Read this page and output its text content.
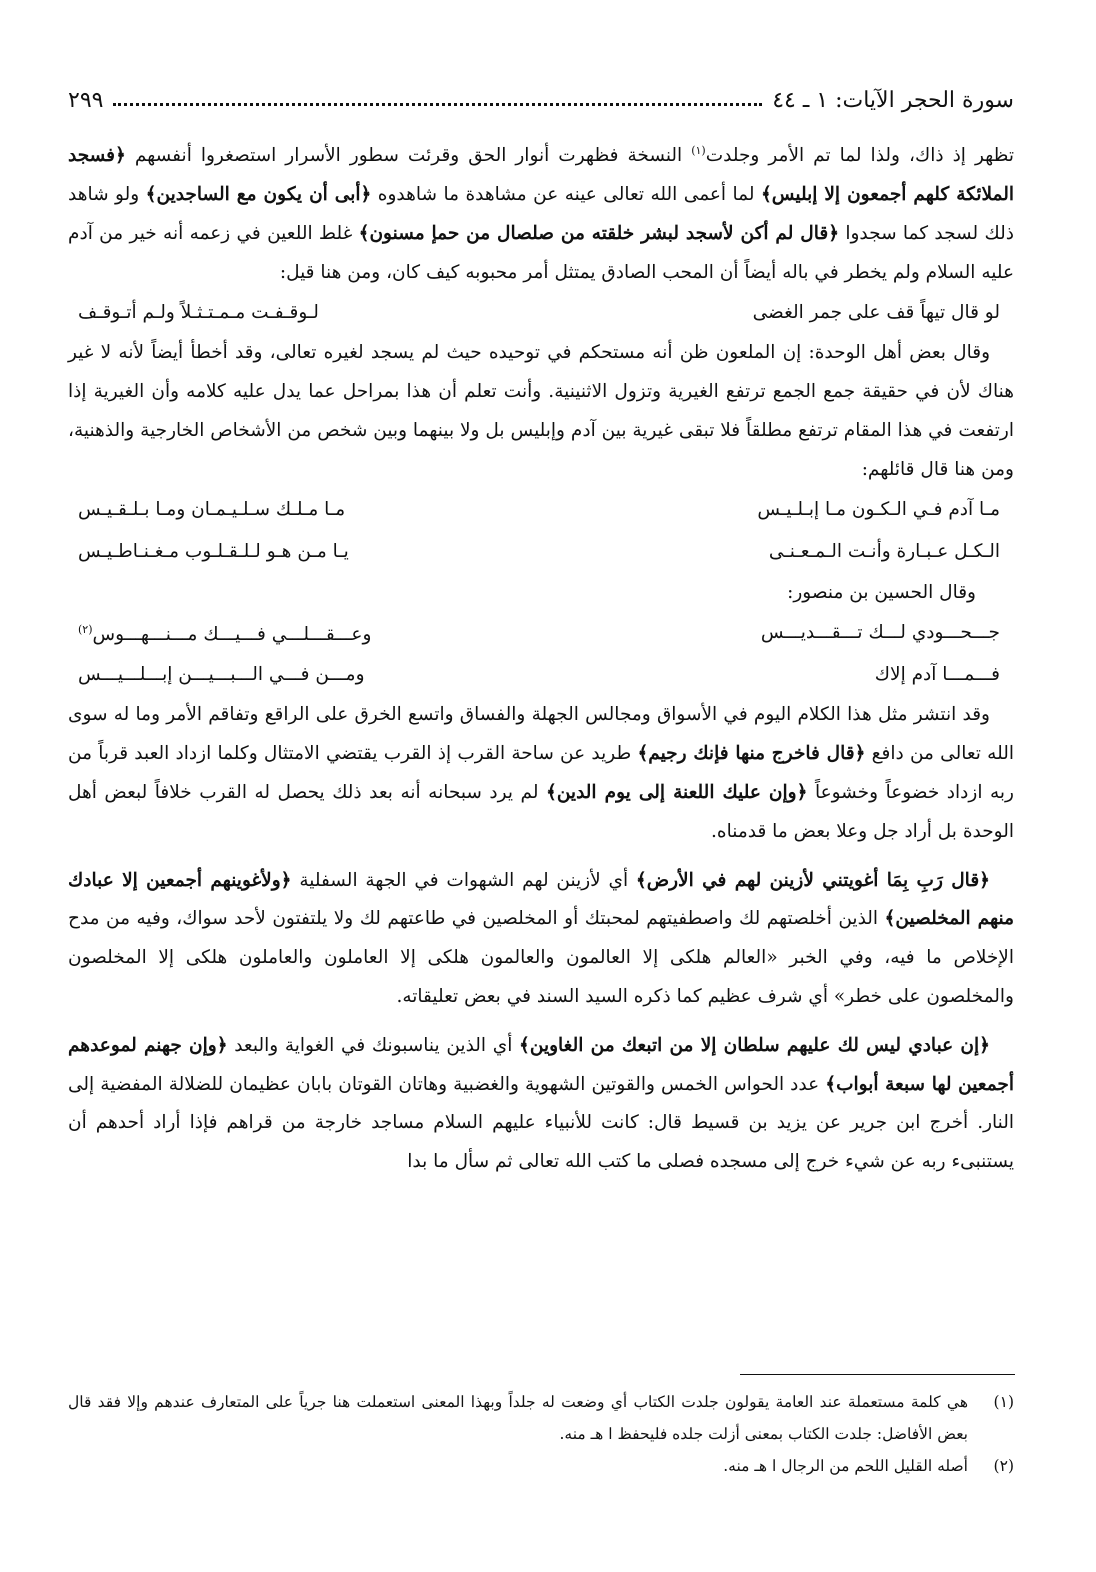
سورة الحجر الآيات: ١ ـ ٤٤
٢٩٩

تظهر إذ ذاك، ولذا لما تم الأمر وجلدت$^{(١)}$ النسخة فظهرت أنوار الحق وقرئت سطور الأسرار استصغروا أنفسهم ﴿فسجد الملائكة كلهم أجمعون إلا إبليس﴾ لما أعمى الله تعالى عينه عن مشاهدة ما شاهدوه ﴿أبى أن يكون مع الساجدين﴾ ولو شاهد ذلك لسجد كما سجدوا ﴿قال لم أكن لأسجد لبشر خلقته من صلصال من حمإ مسنون﴾ غلط اللعين في زعمه أنه خير من آدم عليه السلام ولم يخطر في باله أيضاً أن المحب الصادق يمتثل أمر محبوبه كيف كان، ومن هنا قيل:

لو قال تيهاً قف على جمر الغضى
لـوقـفـت مـمـتـثـلاً ولـم أتـوقـف

وقال بعض أهل الوحدة: إن الملعون ظن أنه مستحكم في توحيده حيث لم يسجد لغيره تعالى، وقد أخطأ أيضاً لأنه لا غير هناك لأن في حقيقة جمع الجمع ترتفع الغيرية وتزول الاثنينية. وأنت تعلم أن هذا بمراحل عما يدل عليه كلامه وأن الغيرية إذا ارتفعت في هذا المقام ترتفع مطلقاً فلا تبقى غيرية بين آدم وإبليس بل ولا بينهما وبين شخص من الأشخاص الخارجية والذهنية، ومن هنا قال قائلهم:

مـا آدم فـي الـكـون مـا إبـلـيـس
مـا مـلـك سـلـيـمـان ومـا بـلـقـيـس
الـكـل عـبـارة وأنـت الـمـعـنـى
يـا مـن هـو لـلـقـلـوب مـغـنـاطـيـس

وقال الحسين بن منصور:

جـــحـــودي لـــك تـــقـــديـــس
وعـــقـــلـــي فـــيـــك مـــنـــهـــوس$^{(٢)}$
فـــمـــا آدم إلاك
ومـــن فـــي الـــبـــيـــن إبـــلـــيـــس

وقد انتشر مثل هذا الكلام اليوم في الأسواق ومجالس الجهلة والفساق واتسع الخرق على الراقع وتفاقم الأمر وما له سوى الله تعالى من دافع ﴿قال فاخرج منها فإنك رجيم﴾ طريد عن ساحة القرب إذ القرب يقتضي الامتثال وكلما ازداد العبد قرباً من ربه ازداد خضوعاً وخشوعاً ﴿وإن عليك اللعنة إلى يوم الدين﴾ لم يرد سبحانه أنه بعد ذلك يحصل له القرب خلافاً لبعض أهل الوحدة بل أراد جل وعلا بعض ما قدمناه.

﴿قال رَبِ بِمَا أغويتني لأزينن لهم في الأرض﴾ أي لأزينن لهم الشهوات في الجهة السفلية ﴿ولأغوينهم أجمعين إلا عبادك منهم المخلصين﴾ الذين أخلصتهم لك واصطفيتهم لمحبتك أو المخلصين في طاعتهم لك ولا يلتفتون لأحد سواك، وفيه من مدح الإخلاص ما فيه، وفي الخبر «العالم هلكى إلا العالمون والعالمون هلكى إلا العاملون والعاملون هلكى إلا المخلصون والمخلصون على خطر» أي شرف عظيم كما ذكره السيد السند في بعض تعليقاته.

﴿إن عبادي ليس لك عليهم سلطان إلا من اتبعك من الغاوين﴾ أي الذين يناسبونك في الغواية والبعد ﴿وإن جهنم لموعدهم أجمعين لها سبعة أبواب﴾ عدد الحواس الخمس والقوتين الشهوية والغضبية وهاتان القوتان بابان عظيمان للضلالة المفضية إلى النار. أخرج ابن جرير عن يزيد بن قسيط قال: كانت للأنبياء عليهم السلام مساجد خارجة من قراهم فإذا أراد أحدهم أن يستنبىء ربه عن شيء خرج إلى مسجده فصلى ما كتب الله تعالى ثم سأل ما بدا

(١)
هي كلمة مستعملة عند العامة يقولون جلدت الكتاب أي وضعت له جلداً وبهذا المعنى استعملت هنا جرياً على المتعارف عندهم وإلا فقد قال بعض الأفاضل: جلدت الكتاب بمعنى أزلت جلده فليحفظ ا هـ منه.
(٢)
أصله القليل اللحم من الرجال ا هـ منه.
